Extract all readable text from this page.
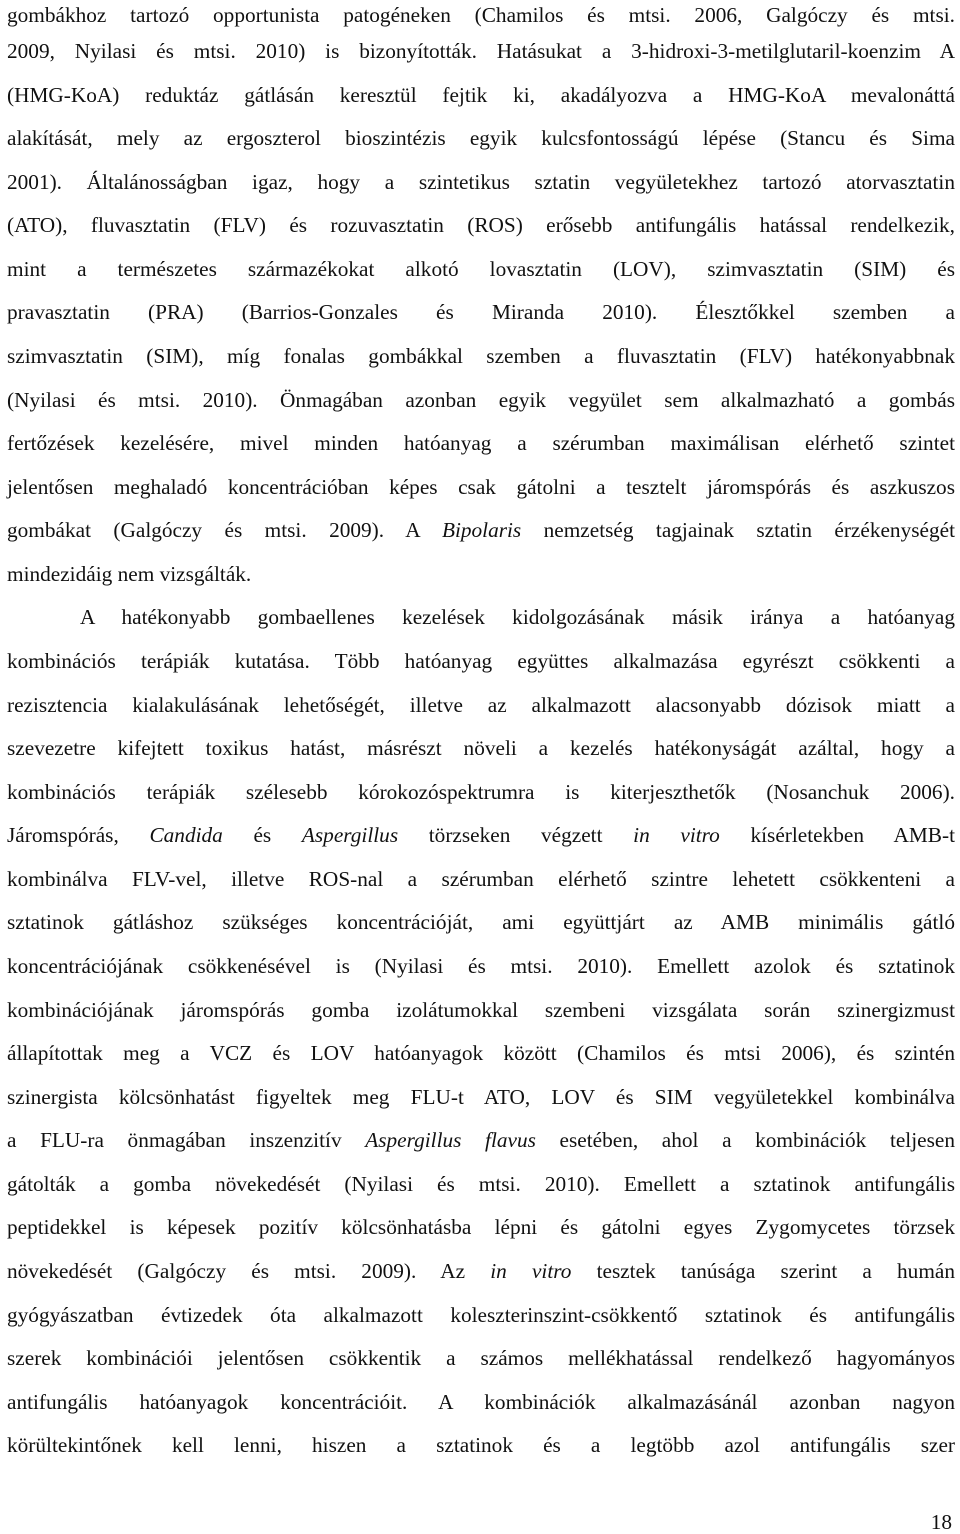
gombákhoz tartozó opportunista patogéneken (Chamilos és mtsi. 2006, Galgóczy és mtsi.
2009, Nyilasi és mtsi. 2010) is bizonyították. Hatásukat a 3-hidroxi-3-metilglutaril-koenzim A
(HMG-KoA) reduktáz gátlásán keresztül fejtik ki, akadályozva a HMG-KoA mevalonáttá
alakítását, mely az ergoszterol bioszintézis egyik kulcsfontosságú lépése (Stancu és Sima
2001). Általánosságban igaz, hogy a szintetikus sztatin vegyületekhez tartozó atorvasztatin
(ATO), fluvasztatin (FLV) és rozuvasztatin (ROS) erősebb antifungális hatással rendelkezik,
mint a természetes származékokat alkotó lovasztatin (LOV), szimvasztatin (SIM) és
pravasztatin (PRA) (Barrios-Gonzales és Miranda 2010). Élesztőkkel szemben a
szimvasztatin (SIM), míg fonalas gombákkal szemben a fluvasztatin (FLV) hatékonyabbnak
(Nyilasi és mtsi. 2010). Önmagában azonban egyik vegyület sem alkalmazható a gombás
fertőzések kezelésére, mivel minden hatóanyag a szérumban maximálisan elérhető szintet
jelentősen meghaladó koncentrációban képes csak gátolni a tesztelt járomspórás és aszkuszos
gombákat (Galgóczy és mtsi. 2009). A Bipolaris nemzetség tagjainak sztatin érzékenységét
mindezidáig nem vizsgálták.
A hatékonyabb gombaellenes kezelések kidolgozásának másik iránya a hatóanyag
kombinációs terápiák kutatása. Több hatóanyag együttes alkalmazása egyrészt csökkenti a
rezisztencia kialakulásának lehetőségét, illetve az alkalmazott alacsonyabb dózisok miatt a
szevezetre kifejtett toxikus hatást, másrészt növeli a kezelés hatékonyságát azáltal, hogy a
kombinációs terápiák szélesebb kórokozóspektrumra is kiterjeszthetők (Nosanchuk 2006).
Járomspórás, Candida és Aspergillus törzseken végzett in vitro kísérletekben AMB-t
kombinálva FLV-vel, illetve ROS-nal a szérumban elérhető szintre lehetett csökkenteni a
sztatinok gátláshoz szükséges koncentrációját, ami együttjárt az AMB minimális gátló
koncentrációjának csökkenésével is (Nyilasi és mtsi. 2010). Emellett azolok és sztatinok
kombinációjának járomspórás gomba izolátumokkal szembeni vizsgálata során szinergizmust
állapítottak meg a VCZ és LOV hatóanyagok között (Chamilos és mtsi 2006), és szintén
szinergista kölcsönhatást figyeltek meg FLU-t ATO, LOV és SIM vegyületekkel kombinálva
a FLU-ra önmagában inszenzitív Aspergillus flavus esetében, ahol a kombinációk teljesen
gátolták a gomba növekedését (Nyilasi és mtsi. 2010). Emellett a sztatinok antifungális
peptidekkel is képesek pozitív kölcsönhatásba lépni és gátolni egyes Zygomycetes törzsek
növekedését (Galgóczy és mtsi. 2009). Az in vitro tesztek tanúsága szerint a humán
gyógyászatban évtizedek óta alkalmazott koleszterinszint-csökkentő sztatinok és antifungális
szerek kombinációi jelentősen csökkentik a számos mellékhatással rendelkező hagyományos
antifungális hatóanyagok koncentrációit. A kombinációk alkalmazásánál azonban nagyon
körültekintőnek kell lenni, hiszen a sztatinok és a legtöbb azol antifungális szer
18
